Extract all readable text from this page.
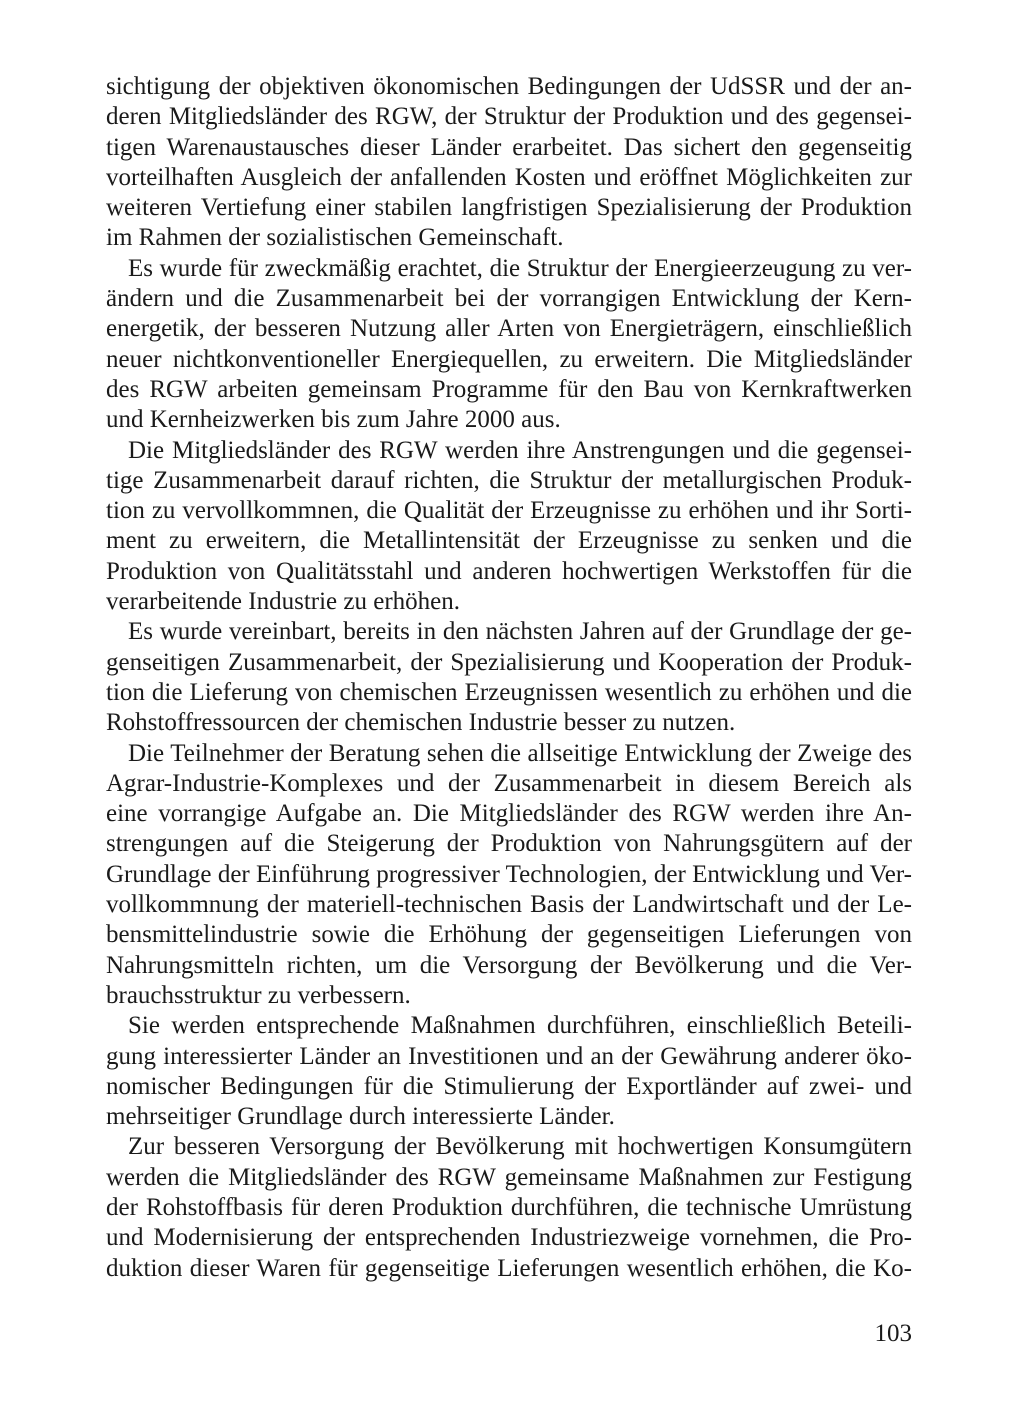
sichtigung der objektiven ökonomischen Bedingungen der UdSSR und der an-
deren Mitgliedsländer des RGW, der Struktur der Produktion und des gegensei-
tigen Warenaustausches dieser Länder erarbeitet. Das sichert den gegenseitig
vorteilhaften Ausgleich der anfallenden Kosten und eröffnet Möglichkeiten zur
weiteren Vertiefung einer stabilen langfristigen Spezialisierung der Produktion
im Rahmen der sozialistischen Gemeinschaft.
Es wurde für zweckmäßig erachtet, die Struktur der Energieerzeugung zu ver-
ändern und die Zusammenarbeit bei der vorrangigen Entwicklung der Kern-
energetik, der besseren Nutzung aller Arten von Energieträgern, einschließlich
neuer nichtkonventioneller Energiequellen, zu erweitern. Die Mitgliedsländer
des RGW arbeiten gemeinsam Programme für den Bau von Kernkraftwerken
und Kernheizwerken bis zum Jahre 2000 aus.
Die Mitgliedsländer des RGW werden ihre Anstrengungen und die gegensei-
tige Zusammenarbeit darauf richten, die Struktur der metallurgischen Produk-
tion zu vervollkommnen, die Qualität der Erzeugnisse zu erhöhen und ihr Sorti-
ment zu erweitern, die Metallintensität der Erzeugnisse zu senken und die
Produktion von Qualitätsstahl und anderen hochwertigen Werkstoffen für die
verarbeitende Industrie zu erhöhen.
Es wurde vereinbart, bereits in den nächsten Jahren auf der Grundlage der ge-
genseitigen Zusammenarbeit, der Spezialisierung und Kooperation der Produk-
tion die Lieferung von chemischen Erzeugnissen wesentlich zu erhöhen und die
Rohstoffressourcen der chemischen Industrie besser zu nutzen.
Die Teilnehmer der Beratung sehen die allseitige Entwicklung der Zweige des
Agrar-Industrie-Komplexes und der Zusammenarbeit in diesem Bereich als
eine vorrangige Aufgabe an. Die Mitgliedsländer des RGW werden ihre An-
strengungen auf die Steigerung der Produktion von Nahrungsgütern auf der
Grundlage der Einführung progressiver Technologien, der Entwicklung und Ver-
vollkommnung der materiell-technischen Basis der Landwirtschaft und der Le-
bensmittelindustrie sowie die Erhöhung der gegenseitigen Lieferungen von
Nahrungsmitteln richten, um die Versorgung der Bevölkerung und die Ver-
brauchsstruktur zu verbessern.
Sie werden entsprechende Maßnahmen durchführen, einschließlich Beteili-
gung interessierter Länder an Investitionen und an der Gewährung anderer öko-
nomischer Bedingungen für die Stimulierung der Exportländer auf zwei- und
mehrseitiger Grundlage durch interessierte Länder.
Zur besseren Versorgung der Bevölkerung mit hochwertigen Konsumgütern
werden die Mitgliedsländer des RGW gemeinsame Maßnahmen zur Festigung
der Rohstoffbasis für deren Produktion durchführen, die technische Umrüstung
und Modernisierung der entsprechenden Industriezweige vornehmen, die Pro-
duktion dieser Waren für gegenseitige Lieferungen wesentlich erhöhen, die Ko-
103
